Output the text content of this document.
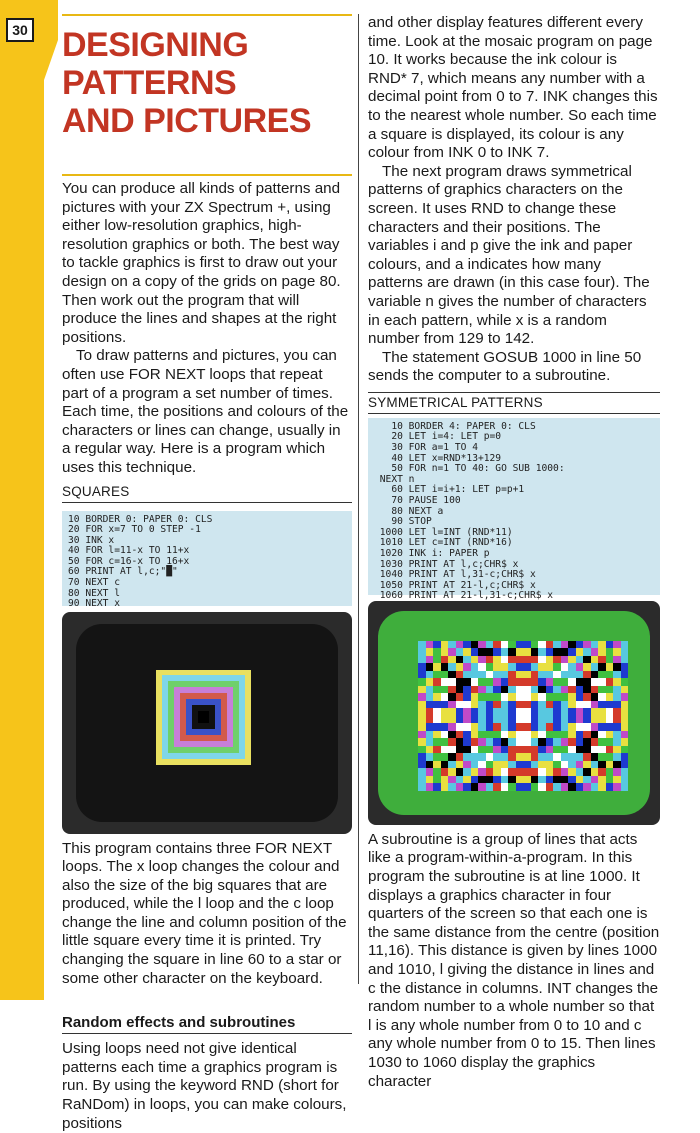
30 DESIGNING PATTERNS
AND PICTURES

You can produce all kinds of patterns and pictures with your ZX Spectrum +, using either low-resolution graphics, high-resolution graphics or both. The best way to tackle graphics is first to draw out your design on a copy of the grids on page 80. Then work out the program that will produce the lines and shapes at the right positions.

To draw patterns and pictures, you can often use FOR NEXT loops that repeat part of a program a set number of times. Each time, the positions and colours of the characters or lines can change, usually in a regular way. Here is a program which uses this technique.

SQUARES
10 BORDER 0: PAPER 0: CLS
20 FOR x=7 TO 0 STEP -1
30 INK x
40 FOR l=11-x TO 11+x
50 FOR c=16-x TO 16+x
60 PRINT AT l,c;"█"
70 NEXT c
80 NEXT l
90 NEXT x

This program contains three FOR NEXT loops. The x loop changes the colour and also the size of the big squares that are produced, while the l loop and the c loop change the line and column position of the little square every time it is printed. Try changing the square in line 60 to a star or some other character on the keyboard.

Random effects and subroutines

Using loops need not give identical patterns each time a graphics program is run. By using the keyword RND (short for RaNDom) in loops, you can make colours, positions

and other display features different every time. Look at the mosaic program on page 10. It works because the ink colour is RND* 7, which means any number with a decimal point from 0 to 7. INK changes this to the nearest whole number. So each time a square is displayed, its colour is any colour from INK 0 to INK 7.

The next program draws symmetrical patterns of graphics characters on the screen. It uses RND to change these characters and their positions. The variables i and p give the ink and paper colours, and a indicates how many patterns are drawn (in this case four). The variable n gives the number of characters in each pattern, while x is a random number from 129 to 142.

The statement GOSUB 1000 in line 50 sends the computer to a subroutine.

SYMMETRICAL PATTERNS
10 BORDER 4: PAPER 0: CLS
20 LET i=4: LET p=0
30 FOR a=1 TO 4
40 LET x=RND*13+129
50 FOR n=1 TO 40: GO SUB 1000:
NEXT n
60 LET i=i+1: LET p=p+1
70 PAUSE 100
80 NEXT a
90 STOP
1000 LET l=INT (RND*11)
1010 LET c=INT (RND*16)
1020 INK i: PAPER p
1030 PRINT AT l,c;CHR$ x
1040 PRINT AT l,31-c;CHR$ x
1050 PRINT AT 21-l,c;CHR$ x
1060 PRINT AT 21-l,31-c;CHR$ x

A subroutine is a group of lines that acts like a program-within-a-program. In this program the subroutine is at line 1000. It displays a graphics character in four quarters of the screen so that each one is the same distance from the centre (position 11,16). This distance is given by lines 1000 and 1010, l giving the distance in lines and c the distance in columns. INT changes the random number to a whole number so that l is any whole number from 0 to 10 and c any whole number from 0 to 15. Then lines 1030 to 1060 display the graphics character
